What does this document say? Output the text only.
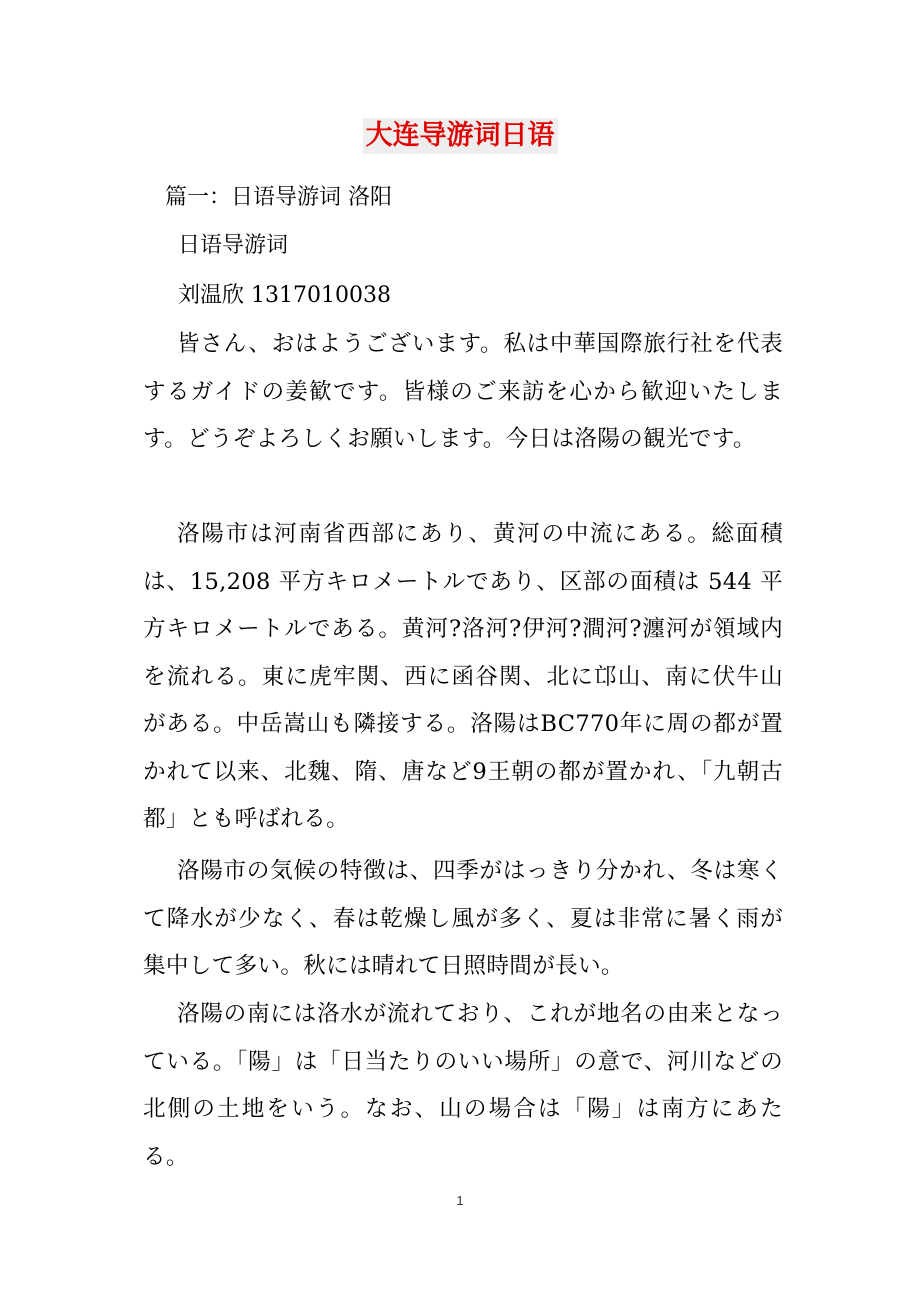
大连导游词日语
篇一：日语导游词 洛阳
日语导游词
刘温欣 1317010038

皆さん、おはようございます。私は中華国際旅行社を代表するガイドの姜歓です。皆様のご来訪を心から歓迎いたします。どうぞよろしくお願いします。今日は洛陽の観光です。

洛陽市は河南省西部にあり、黄河の中流にある。総面積は、15,208 平方キロメートルであり、区部の面積は 544 平方キロメートルである。黄河?洛河?伊河?澗河?瀍河が領域内を流れる。東に虎牢関、西に函谷関、北に邙山、南に伏牛山がある。中岳嵩山も隣接する。洛陽はBC770年に周の都が置かれて以来、北魏、隋、唐など9王朝の都が置かれ、「九朝古都」とも呼ばれる。

洛陽市の気候の特徴は、四季がはっきり分かれ、冬は寒くて降水が少なく、春は乾燥し風が多く、夏は非常に暑く雨が集中して多い。秋には晴れて日照時間が長い。

洛陽の南には洛水が流れており、これが地名の由来となっている。「陽」は「日当たりのいい場所」の意で、河川などの北側の土地をいう。なお、山の場合は「陽」は南方にあたる。

1
